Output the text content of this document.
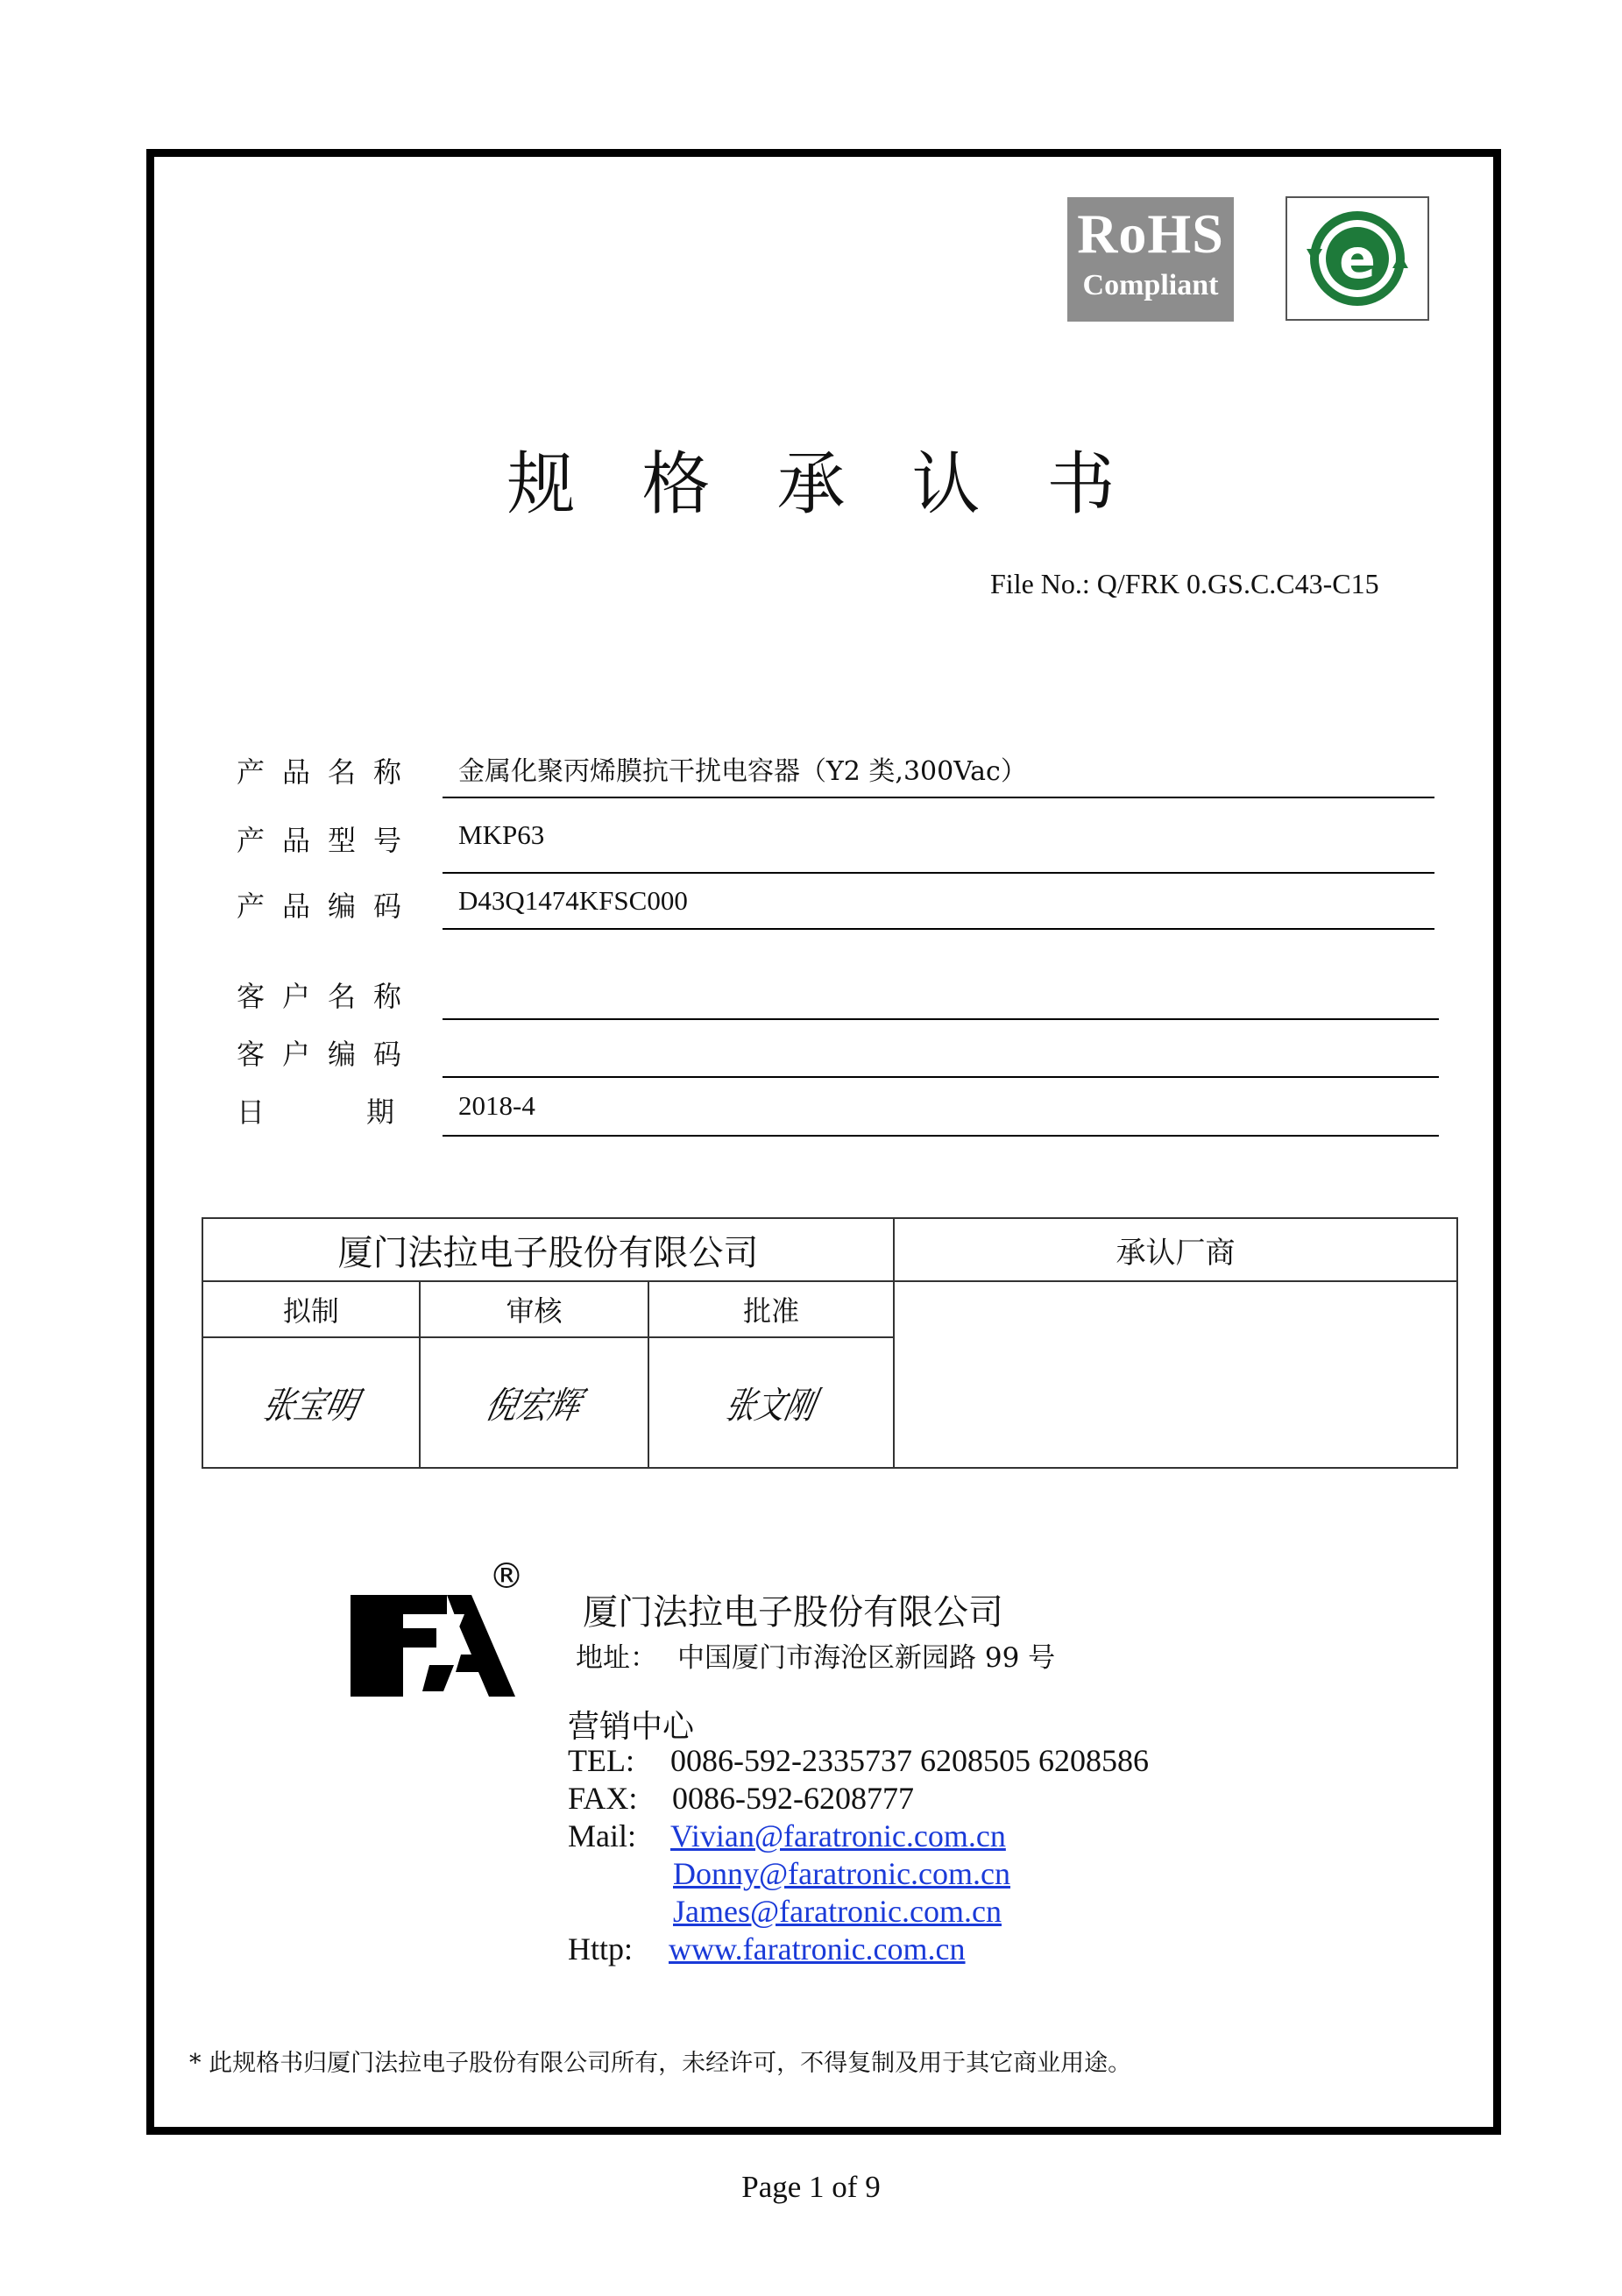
RoHS
Compliant e
规 格 承 认 书
File No.: Q/FRK 0.GS.C.C43-C15
产品名称 金属化聚丙烯膜抗干扰电容器（Y2 类,300Vac）
产品型号 MKP63
产品编码 D43Q1474KFSC000
客户名称
客户编码
日	期 2018-4
厦门法拉电子股份有限公司			承认厂商
拟制	审核	批准	
张宝明	倪宏辉	张文刚	
®
厦门法拉电子股份有限公司
地址： 中国厦门市海沧区新园路 99 号
营销中心
TEL: 0086-592-2335737 6208505 6208586
FAX: 0086-592-6208777
Mail: Vivian@faratronic.com.cn
Donny@faratronic.com.cn
James@faratronic.com.cn
Http: www.faratronic.com.cn
* 此规格书归厦门法拉电子股份有限公司所有，未经许可，不得复制及用于其它商业用途。
Page 1 of 9
